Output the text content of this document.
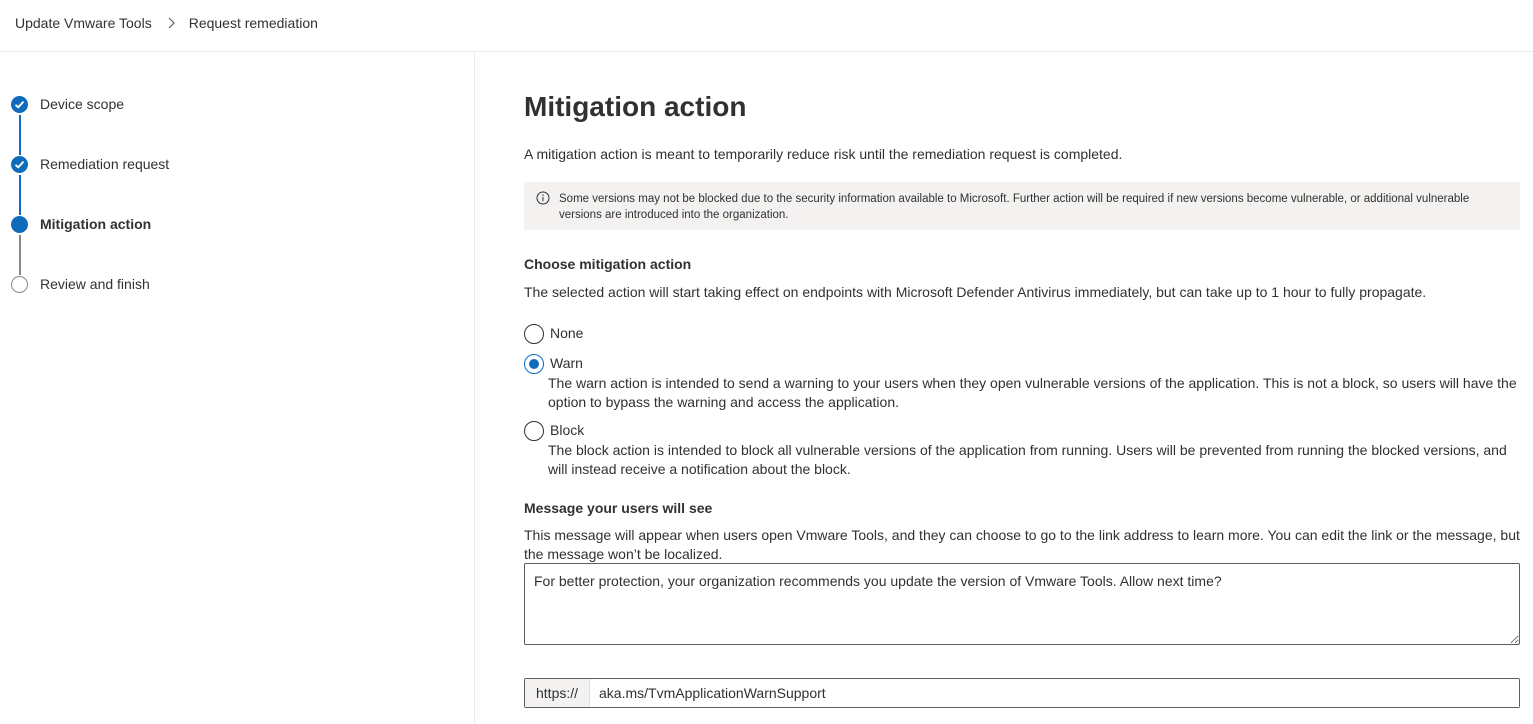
Update Vmware Tools	Request remediation
Device scope
Remediation request
Mitigation action
Review and finish
Mitigation action
A mitigation action is meant to temporarily reduce risk until the remediation request is completed.
Some versions may not be blocked due to the security information available to Microsoft. Further action will be required if new versions become vulnerable, or additional vulnerable versions are introduced into the organization.
Choose mitigation action
The selected action will start taking effect on endpoints with Microsoft Defender Antivirus immediately, but can take up to 1 hour to fully propagate.
None
Warn
The warn action is intended to send a warning to your users when they open vulnerable versions of the application. This is not a block, so users will have the option to bypass the warning and access the application.
Block
The block action is intended to block all vulnerable versions of the application from running. Users will be prevented from running the blocked versions, and will instead receive a notification about the block.
Message your users will see
This message will appear when users open Vmware Tools, and they can choose to go to the link address to learn more. You can edit the link or the message, but the message won’t be localized.
For better protection, your organization recommends you update the version of Vmware Tools. Allow next time?
https://
aka.ms/TvmApplicationWarnSupport
